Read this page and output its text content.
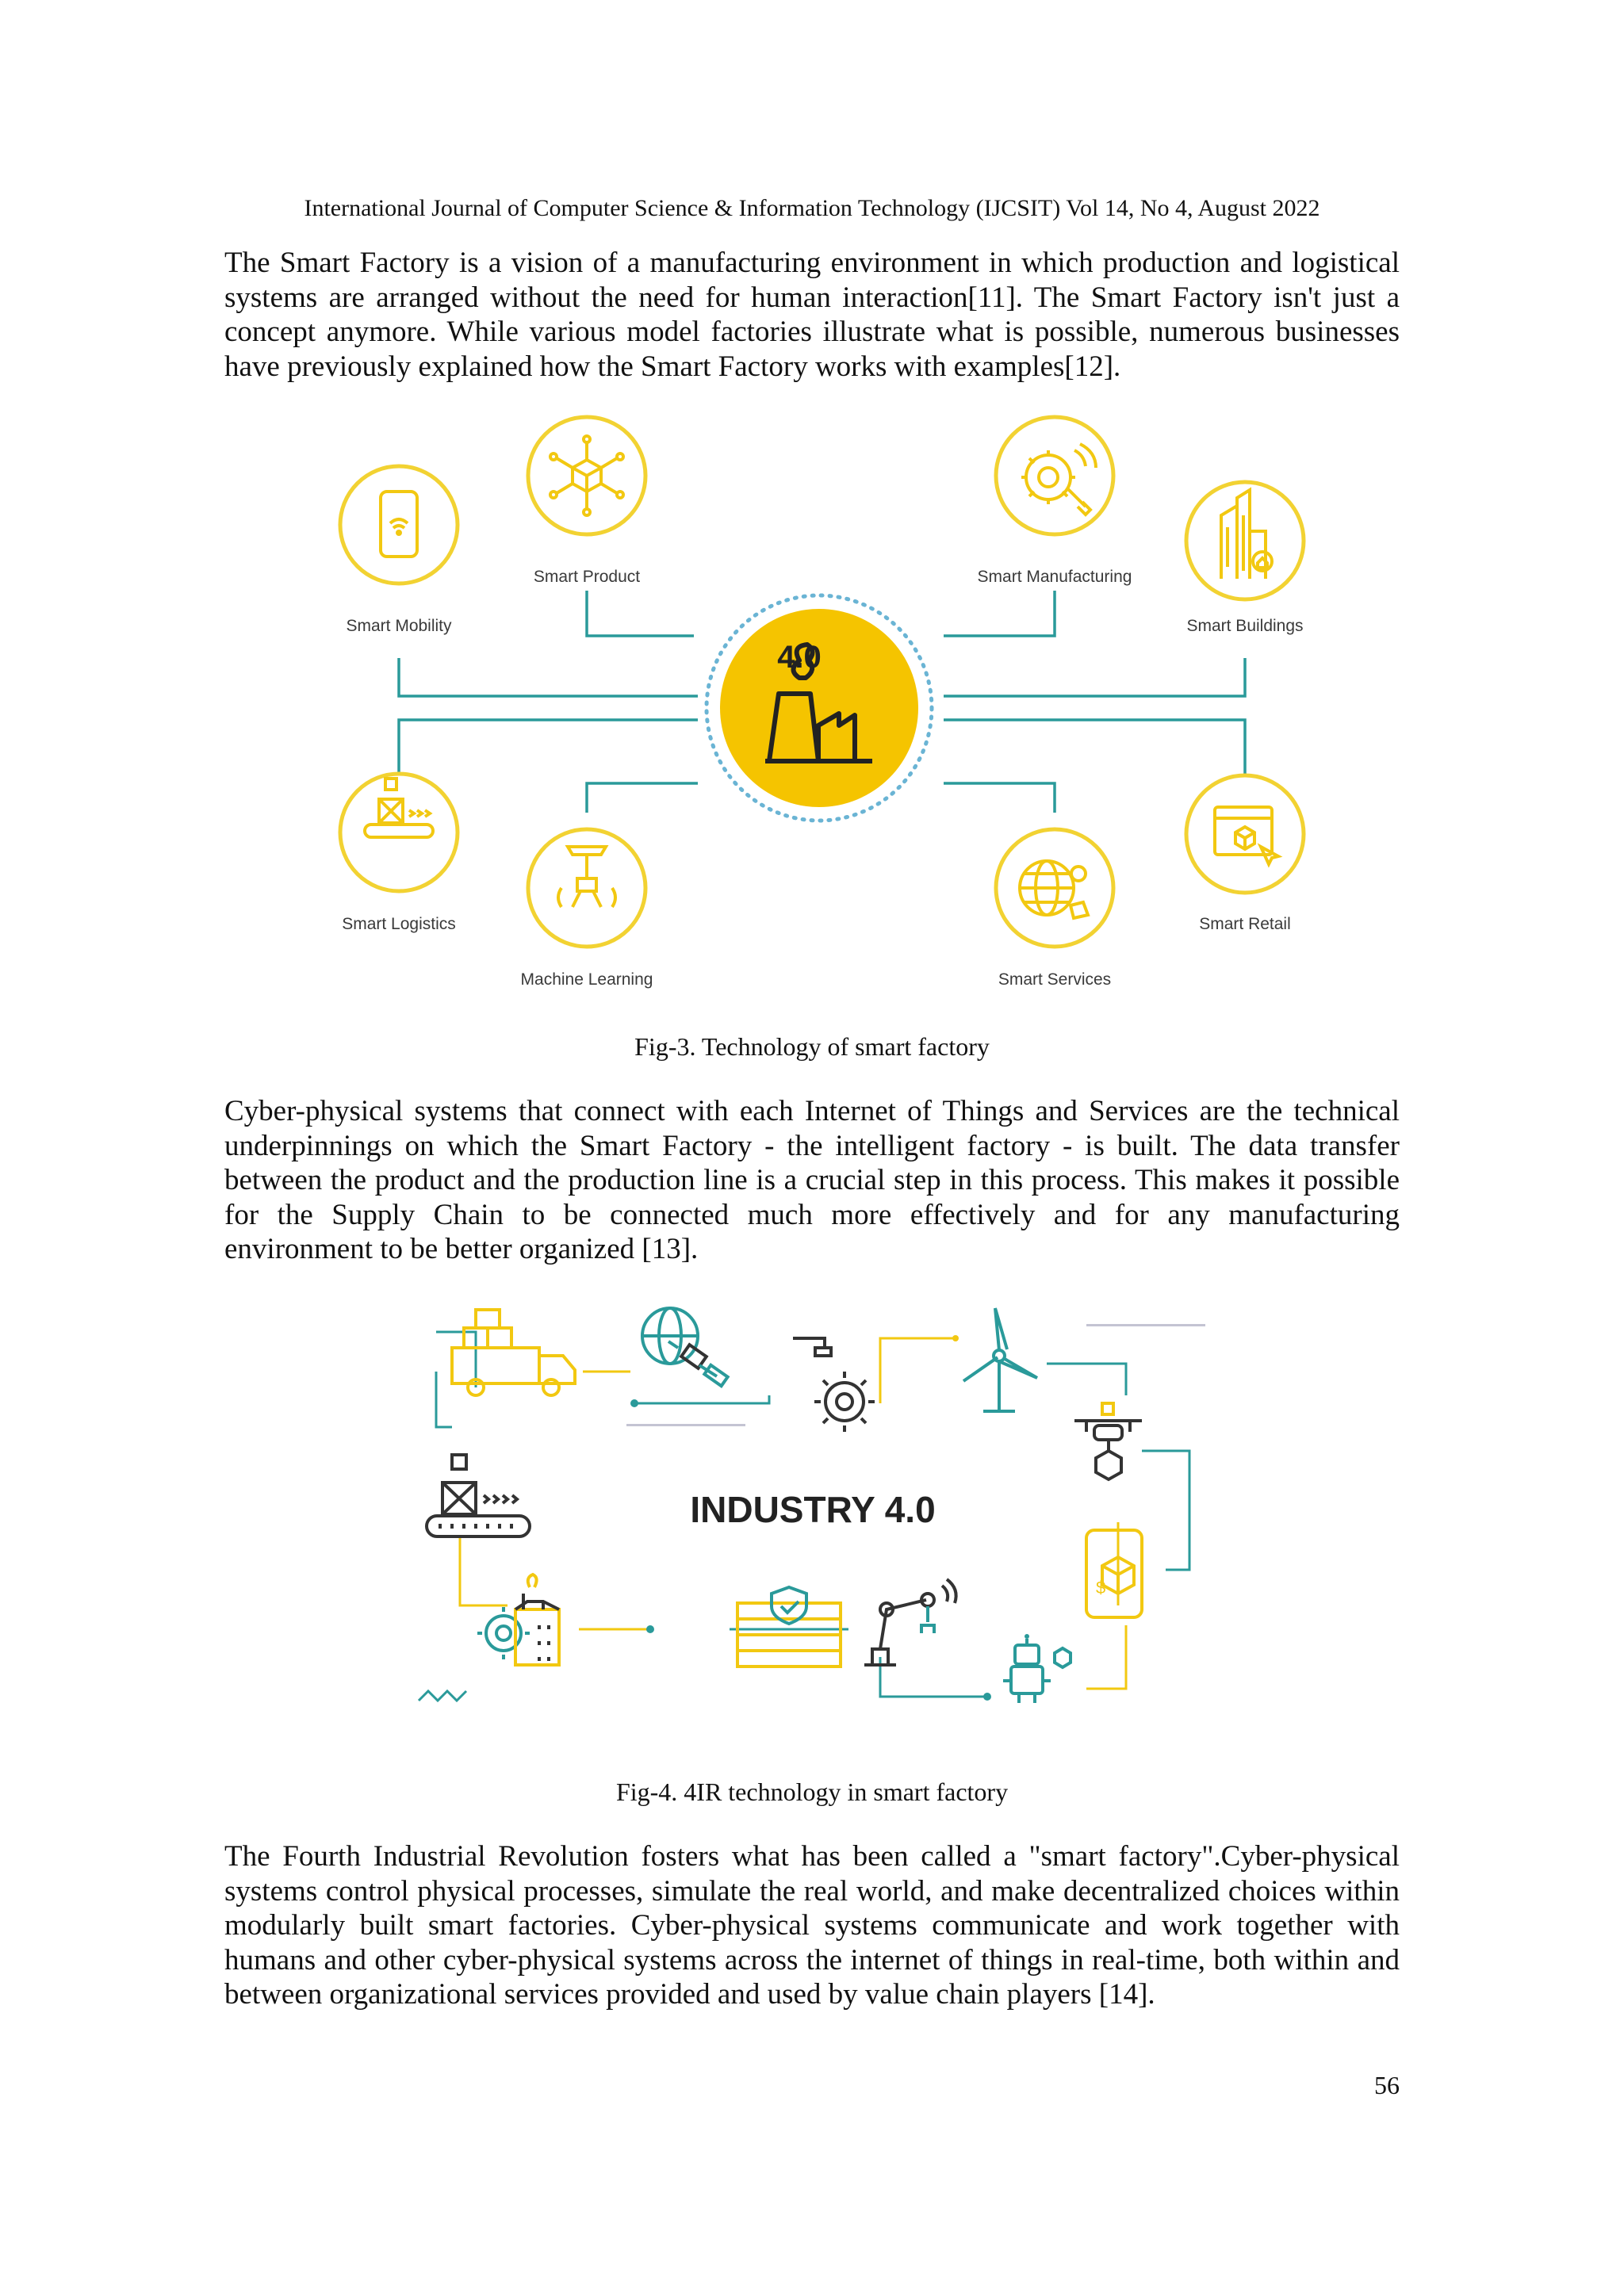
International Journal of Computer Science & Information Technology (IJCSIT) Vol 14, No 4, August 2022

The Smart Factory is a vision of a manufacturing environment in which production and logistical systems are arranged without the need for human interaction[11]. The Smart Factory isn't just a concept anymore. While various model factories illustrate what is possible, numerous businesses have previously explained how the Smart Factory works with examples[12].

4.0
Smart Mobility
Smart Product	Smart Manufacturing
Smart Buildings
Smart Logistics
Machine Learning	Smart Services
Smart Retail
Fig-3. Technology of smart factory

Cyber-physical systems that connect with each Internet of Things and Services are the technical underpinnings on which the Smart Factory - the intelligent factory - is built. The data transfer between the product and the production line is a crucial step in this process. This makes it possible for the Supply Chain to be connected much more effectively and for any manufacturing environment to be better organized [13].

$
INDUSTRY 4.0
Fig-4. 4IR technology in smart factory

The Fourth Industrial Revolution fosters what has been called a "smart factory".Cyber-physical systems control physical processes, simulate the real world, and make decentralized choices within modularly built smart factories. Cyber-physical systems communicate and work together with humans and other cyber-physical systems across the internet of things in real-time, both within and between organizational services provided and used by value chain players [14].

56
